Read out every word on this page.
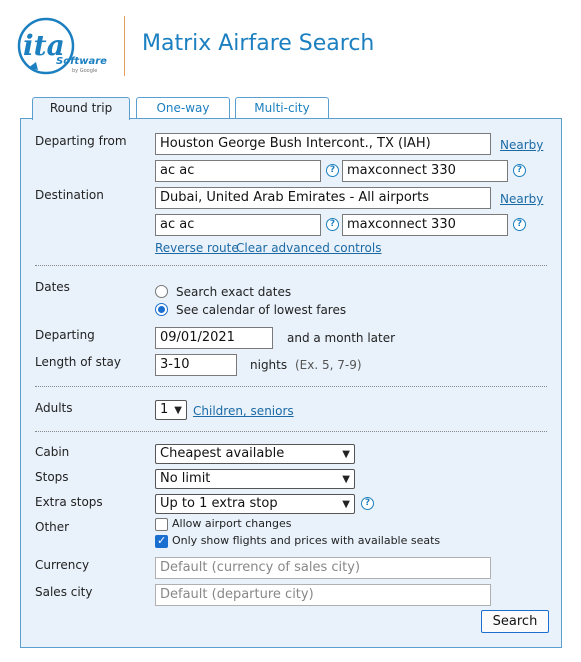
ita
Software
by Google
Matrix Airfare Search
Round trip	One-way	Multi-city
Departing from	Houston George Bush Intercont., TX (IAH)	Nearby
ac ac	? maxconnect 330	?
Destination	Dubai, United Arab Emirates - All airports	Nearby
ac ac	? maxconnect 330	?
Reverse route
Clear advanced controls
Dates	Search exact dates
See calendar of lowest fares
Departing	09/01/2021	and a month later
Length of stay	3-10	nights (Ex. 5, 7-9)
Adults	1 ▼ Children, seniors
Cabin	Cheapest available	▼
Stops	No limit	▼
Extra stops	Up to 1 extra stop	▼	?
Other	Allow airport changes
✓
Only show flights and prices with available seats
Currency	Default (currency of sales city)
Sales city	Default (departure city)
Search
